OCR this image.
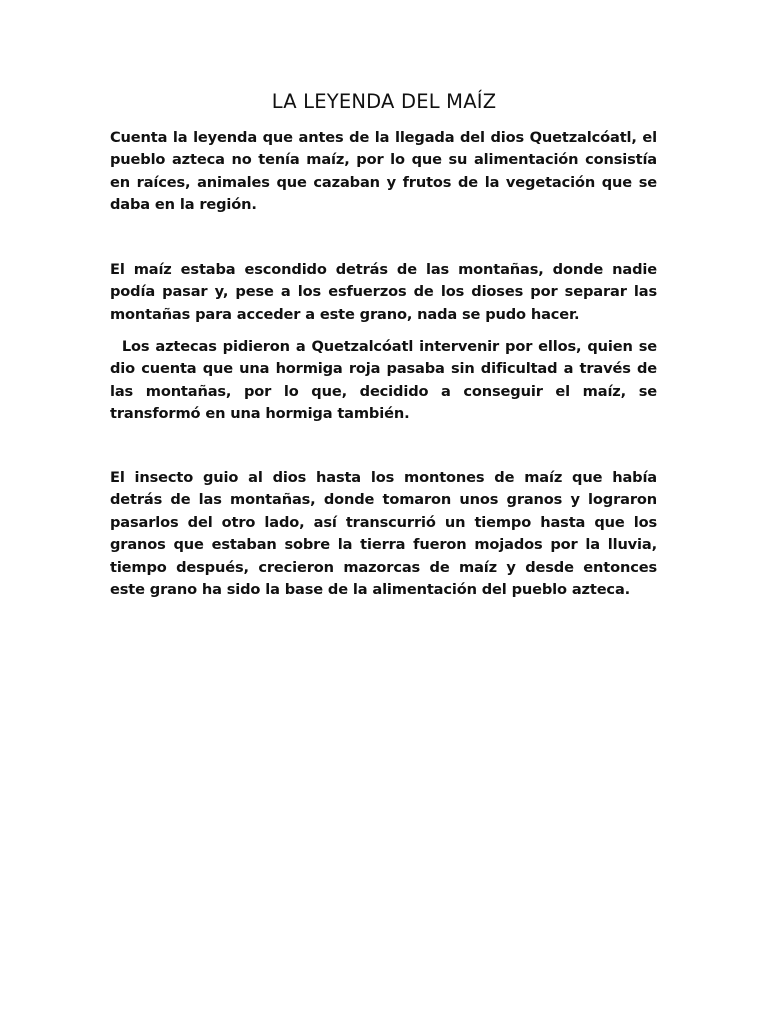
LA LEYENDA DEL MAÍZ

Cuenta la leyenda que antes de la llegada del dios Quetzalcóatl, el pueblo azteca no tenía maíz, por lo que su alimentación consistía en raíces, animales que cazaban y frutos de la vegetación que se daba en la región.

El maíz estaba escondido detrás de las montañas, donde nadie podía pasar y, pese a los esfuerzos de los dioses por separar las montañas para acceder a este grano, nada se pudo hacer.

Los aztecas pidieron a Quetzalcóatl intervenir por ellos, quien se dio cuenta que una hormiga roja pasaba sin dificultad a través de las montañas, por lo que, decidido a conseguir el maíz, se transformó en una hormiga también.

El insecto guio al dios hasta los montones de maíz que había detrás de las montañas, donde tomaron unos granos y lograron pasarlos del otro lado, así transcurrió un tiempo hasta que los granos que estaban sobre la tierra fueron mojados por la lluvia, tiempo después, crecieron mazorcas de maíz y desde entonces este grano ha sido la base de la alimentación del pueblo azteca.
